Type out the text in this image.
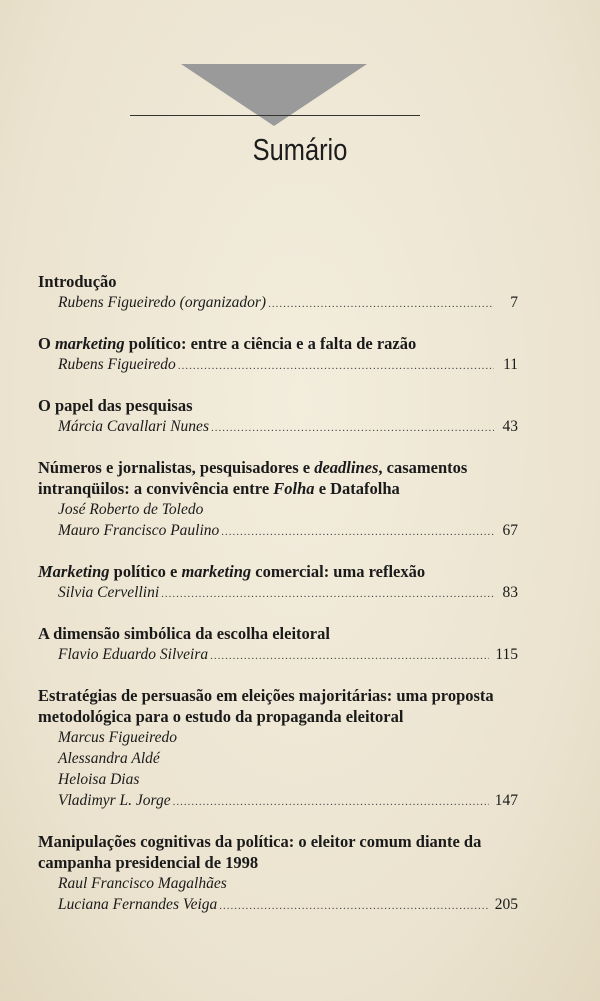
Sumário
Introdução
Rubens Figueiredo (organizador) .....	7
O marketing político: entre a ciência e a falta de razão
Rubens Figueiredo .....	11
O papel das pesquisas
Márcia Cavallari Nunes .....	43
Números e jornalistas, pesquisadores e deadlines, casamentos intranqüilos: a convivência entre Folha e Datafolha
José Roberto de Toledo
Mauro Francisco Paulino .....	67
Marketing político e marketing comercial: uma reflexão
Silvia Cervellini .....	83
A dimensão simbólica da escolha eleitoral
Flavio Eduardo Silveira .....	115
Estratégias de persuasão em eleições majoritárias: uma proposta metodológica para o estudo da propaganda eleitoral
Marcus Figueiredo
Alessandra Aldé
Heloisa Dias
Vladimyr L. Jorge .....	147
Manipulações cognitivas da política: o eleitor comum diante da campanha presidencial de 1998
Raul Francisco Magalhães
Luciana Fernandes Veiga .....	205
